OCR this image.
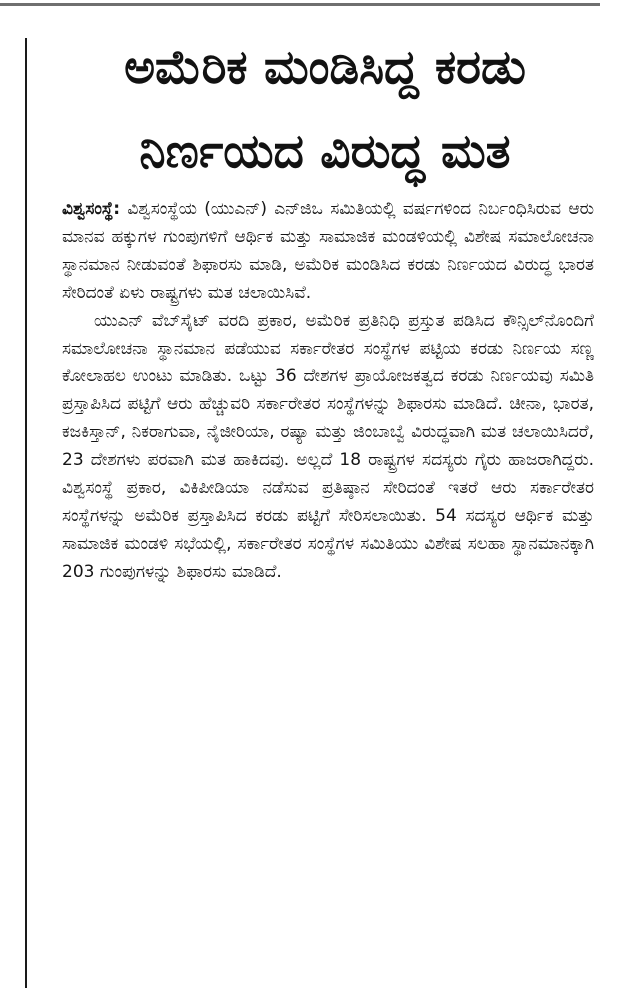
ಅಮೆರಿಕ ಮಂಡಿಸಿದ್ದ ಕರಡು
ನಿರ್ಣಯದ ವಿರುದ್ಧ ಮತ

ವಿಶ್ವಸಂಸ್ಥೆ: ವಿಶ್ವಸಂಸ್ಥೆಯ (ಯುಎನ್) ಎನ್‌ಜಿಒ ಸಮಿತಿಯಲ್ಲಿ ವರ್ಷಗಳಿಂದ ನಿರ್ಬಂಧಿಸಿರುವ ಆರು ಮಾನವ ಹಕ್ಕುಗಳ ಗುಂಪುಗಳಿಗೆ ಆರ್ಥಿಕ ಮತ್ತು ಸಾಮಾಜಿಕ ಮಂಡಳಿಯಲ್ಲಿ ವಿಶೇಷ ಸಮಾಲೋಚನಾ ಸ್ಥಾನಮಾನ ನೀಡುವಂತೆ ಶಿಫಾರಸು ಮಾಡಿ, ಅಮೆರಿಕ ಮಂಡಿಸಿದ ಕರಡು ನಿರ್ಣಯದ ವಿರುದ್ಧ ಭಾರತ ಸೇರಿದಂತೆ ಏಳು ರಾಷ್ಟ್ರಗಳು ಮತ ಚಲಾಯಿಸಿವೆ.

ಯುಎನ್ ವೆಬ್‌ಸೈಟ್ ವರದಿ ಪ್ರಕಾರ, ಅಮೆರಿಕ ಪ್ರತಿನಿಧಿ ಪ್ರಸ್ತುತ ಪಡಿಸಿದ ಕೌನ್ಸಿಲ್‌ನೊಂದಿಗೆ ಸಮಾಲೋಚನಾ ಸ್ಥಾನಮಾನ ಪಡೆಯುವ ಸರ್ಕಾರೇತರ ಸಂಸ್ಥೆಗಳ ಪಟ್ಟಿಯ ಕರಡು ನಿರ್ಣಯ ಸಣ್ಣ ಕೋಲಾಹಲ ಉಂಟು ಮಾಡಿತು. ಒಟ್ಟು 36 ದೇಶಗಳ ಪ್ರಾಯೋಜಕತ್ವದ ಕರಡು ನಿರ್ಣಯವು ಸಮಿತಿ ಪ್ರಸ್ತಾಪಿಸಿದ ಪಟ್ಟಿಗೆ ಆರು ಹೆಚ್ಚುವರಿ ಸರ್ಕಾರೇತರ ಸಂಸ್ಥೆಗಳನ್ನು ಶಿಫಾರಸು ಮಾಡಿದೆ. ಚೀನಾ, ಭಾರತ, ಕಜಕಿಸ್ತಾನ್, ನಿಕರಾಗುವಾ, ನೈಜೀರಿಯಾ, ರಷ್ಯಾ ಮತ್ತು ಜಿಂಬಾಬ್ವೆ ವಿರುದ್ಧವಾಗಿ ಮತ ಚಲಾಯಿಸಿದರೆ, 23 ದೇಶಗಳು ಪರವಾಗಿ ಮತ ಹಾಕಿದವು. ಅಲ್ಲದೆ 18 ರಾಷ್ಟ್ರಗಳ ಸದಸ್ಯರು ಗೈರು ಹಾಜರಾಗಿದ್ದರು. ವಿಶ್ವಸಂಸ್ಥೆ ಪ್ರಕಾರ, ವಿಕಿಪೀಡಿಯಾ ನಡೆಸುವ ಪ್ರತಿಷ್ಠಾನ ಸೇರಿದಂತೆ ಇತರೆ ಆರು ಸರ್ಕಾರೇತರ ಸಂಸ್ಥೆಗಳನ್ನು ಅಮೆರಿಕ ಪ್ರಸ್ತಾಪಿಸಿದ ಕರಡು ಪಟ್ಟಿಗೆ ಸೇರಿಸಲಾಯಿತು. 54 ಸದಸ್ಯರ ಆರ್ಥಿಕ ಮತ್ತು ಸಾಮಾಜಿಕ ಮಂಡಳಿ ಸಭೆಯಲ್ಲಿ, ಸರ್ಕಾರೇತರ ಸಂಸ್ಥೆಗಳ ಸಮಿತಿಯು ವಿಶೇಷ ಸಲಹಾ ಸ್ಥಾನಮಾನಕ್ಕಾಗಿ 203 ಗುಂಪುಗಳನ್ನು ಶಿಫಾರಸು ಮಾಡಿದೆ.
